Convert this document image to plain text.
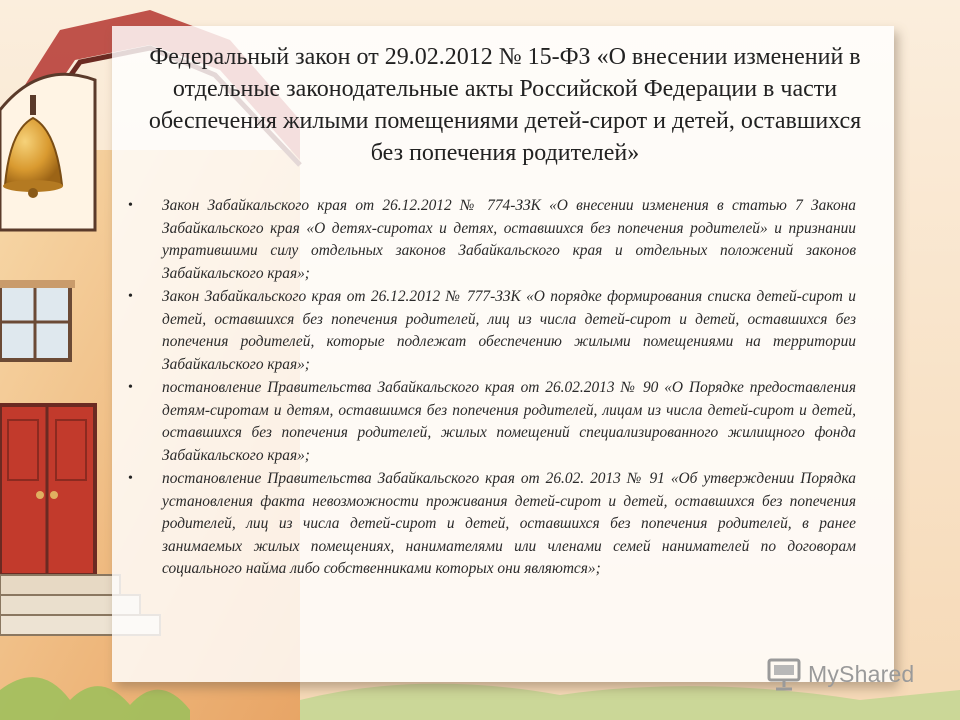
Федеральный закон от 29.02.2012 № 15-ФЗ «О внесении изменений в отдельные законодательные акты Российской Федерации в части обеспечения жилыми помещениями детей-сирот и детей, оставшихся без попечения родителей»
• Закон Забайкальского края от 26.12.2012 № 774-ЗЗК «О внесении изменения в статью 7 Закона Забайкальского края «О детях-сиротах и детях, оставшихся без попечения родителей» и признании утратившими силу отдельных законов Забайкальского края и отдельных положений законов Забайкальского края»;
• Закон Забайкальского края от 26.12.2012 № 777-ЗЗК «О порядке формирования списка детей-сирот и детей, оставшихся без попечения родителей, лиц из числа детей-сирот и детей, оставшихся без попечения родителей, которые подлежат обеспечению жилыми помещениями на территории Забайкальского края»;
• постановление Правительства Забайкальского края от 26.02.2013 № 90 «О Порядке предоставления детям-сиротам и детям, оставшимся без попечения родителей, лицам из числа детей-сирот и детей, оставшихся без попечения родителей, жилых помещений специализированного жилищного фонда Забайкальского края»;
• постановление Правительства Забайкальского края от 26.02. 2013 № 91 «Об утверждении Порядка установления факта невозможности проживания детей-сирот и детей, оставшихся без попечения родителей, лиц из числа детей-сирот и детей, оставшихся без попечения родителей, в ранее занимаемых жилых помещениях, нанимателями или членами семей нанимателей по договорам социального найма либо собственниками которых они являются»;
MyShared
